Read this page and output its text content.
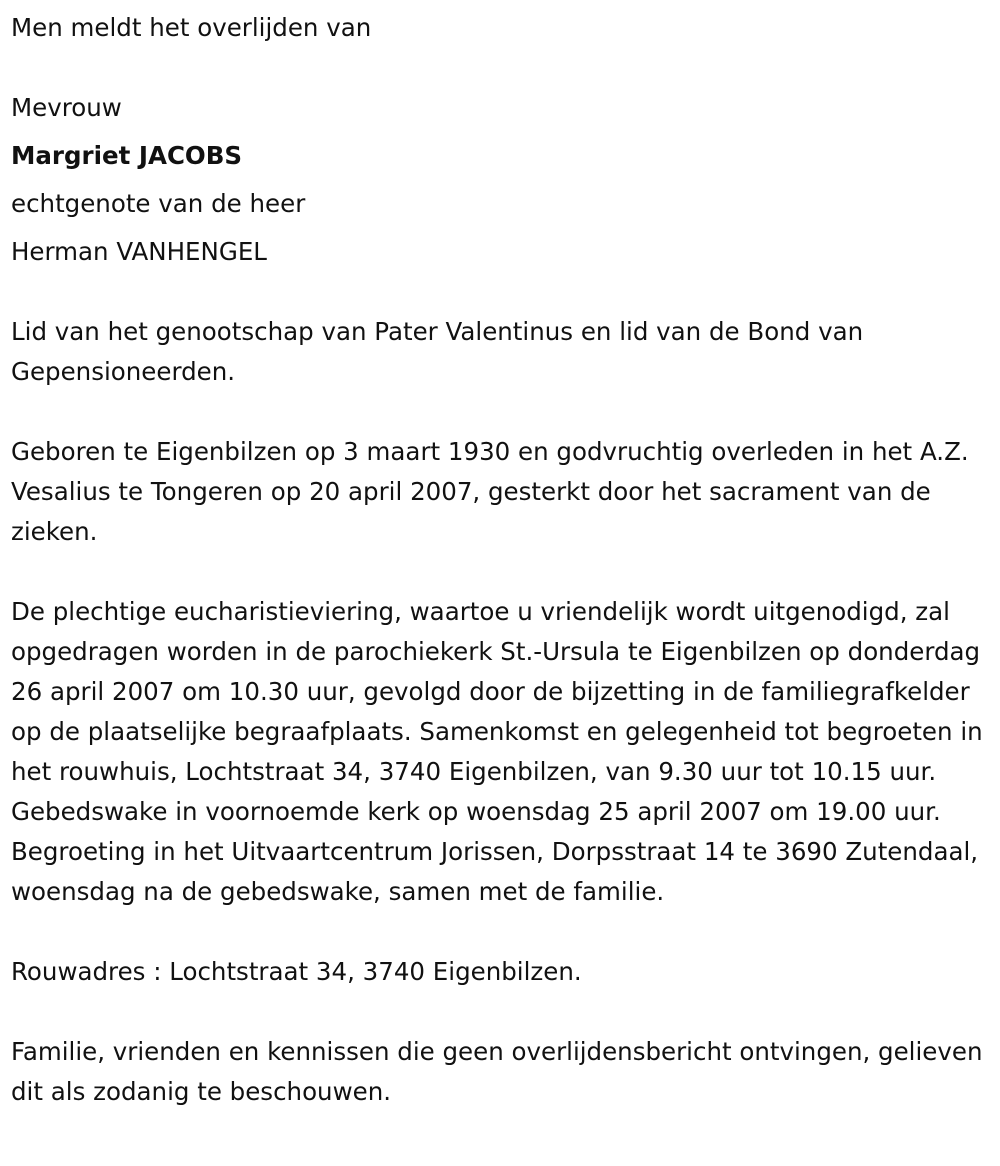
Men meldt het overlijden van

Mevrouw

Margriet JACOBS

echtgenote van de heer

Herman VANHENGEL

Lid van het genootschap van Pater Valentinus en lid van de Bond van Gepensioneerden.

Geboren te Eigenbilzen op 3 maart 1930 en godvruchtig overleden in het A.Z. Vesalius te Tongeren op 20 april 2007, gesterkt door het sacrament van de zieken.

De plechtige eucharistieviering, waartoe u vriendelijk wordt uitgenodigd, zal opgedragen worden in de parochiekerk St.-Ursula te Eigenbilzen op donderdag 26 april 2007 om 10.30 uur, gevolgd door de bijzetting in de familiegrafkelder op de plaatselijke begraafplaats. Samenkomst en gelegenheid tot begroeten in het rouwhuis, Lochtstraat 34, 3740 Eigenbilzen, van 9.30 uur tot 10.15 uur. Gebedswake in voornoemde kerk op woensdag 25 april 2007 om 19.00 uur. Begroeting in het Uitvaartcentrum Jorissen, Dorpsstraat 14 te 3690 Zutendaal, woensdag na de gebedswake, samen met de familie.

Rouwadres : Lochtstraat 34, 3740 Eigenbilzen.

Familie, vrienden en kennissen die geen overlijdensbericht ontvingen, gelieven dit als zodanig te beschouwen.
